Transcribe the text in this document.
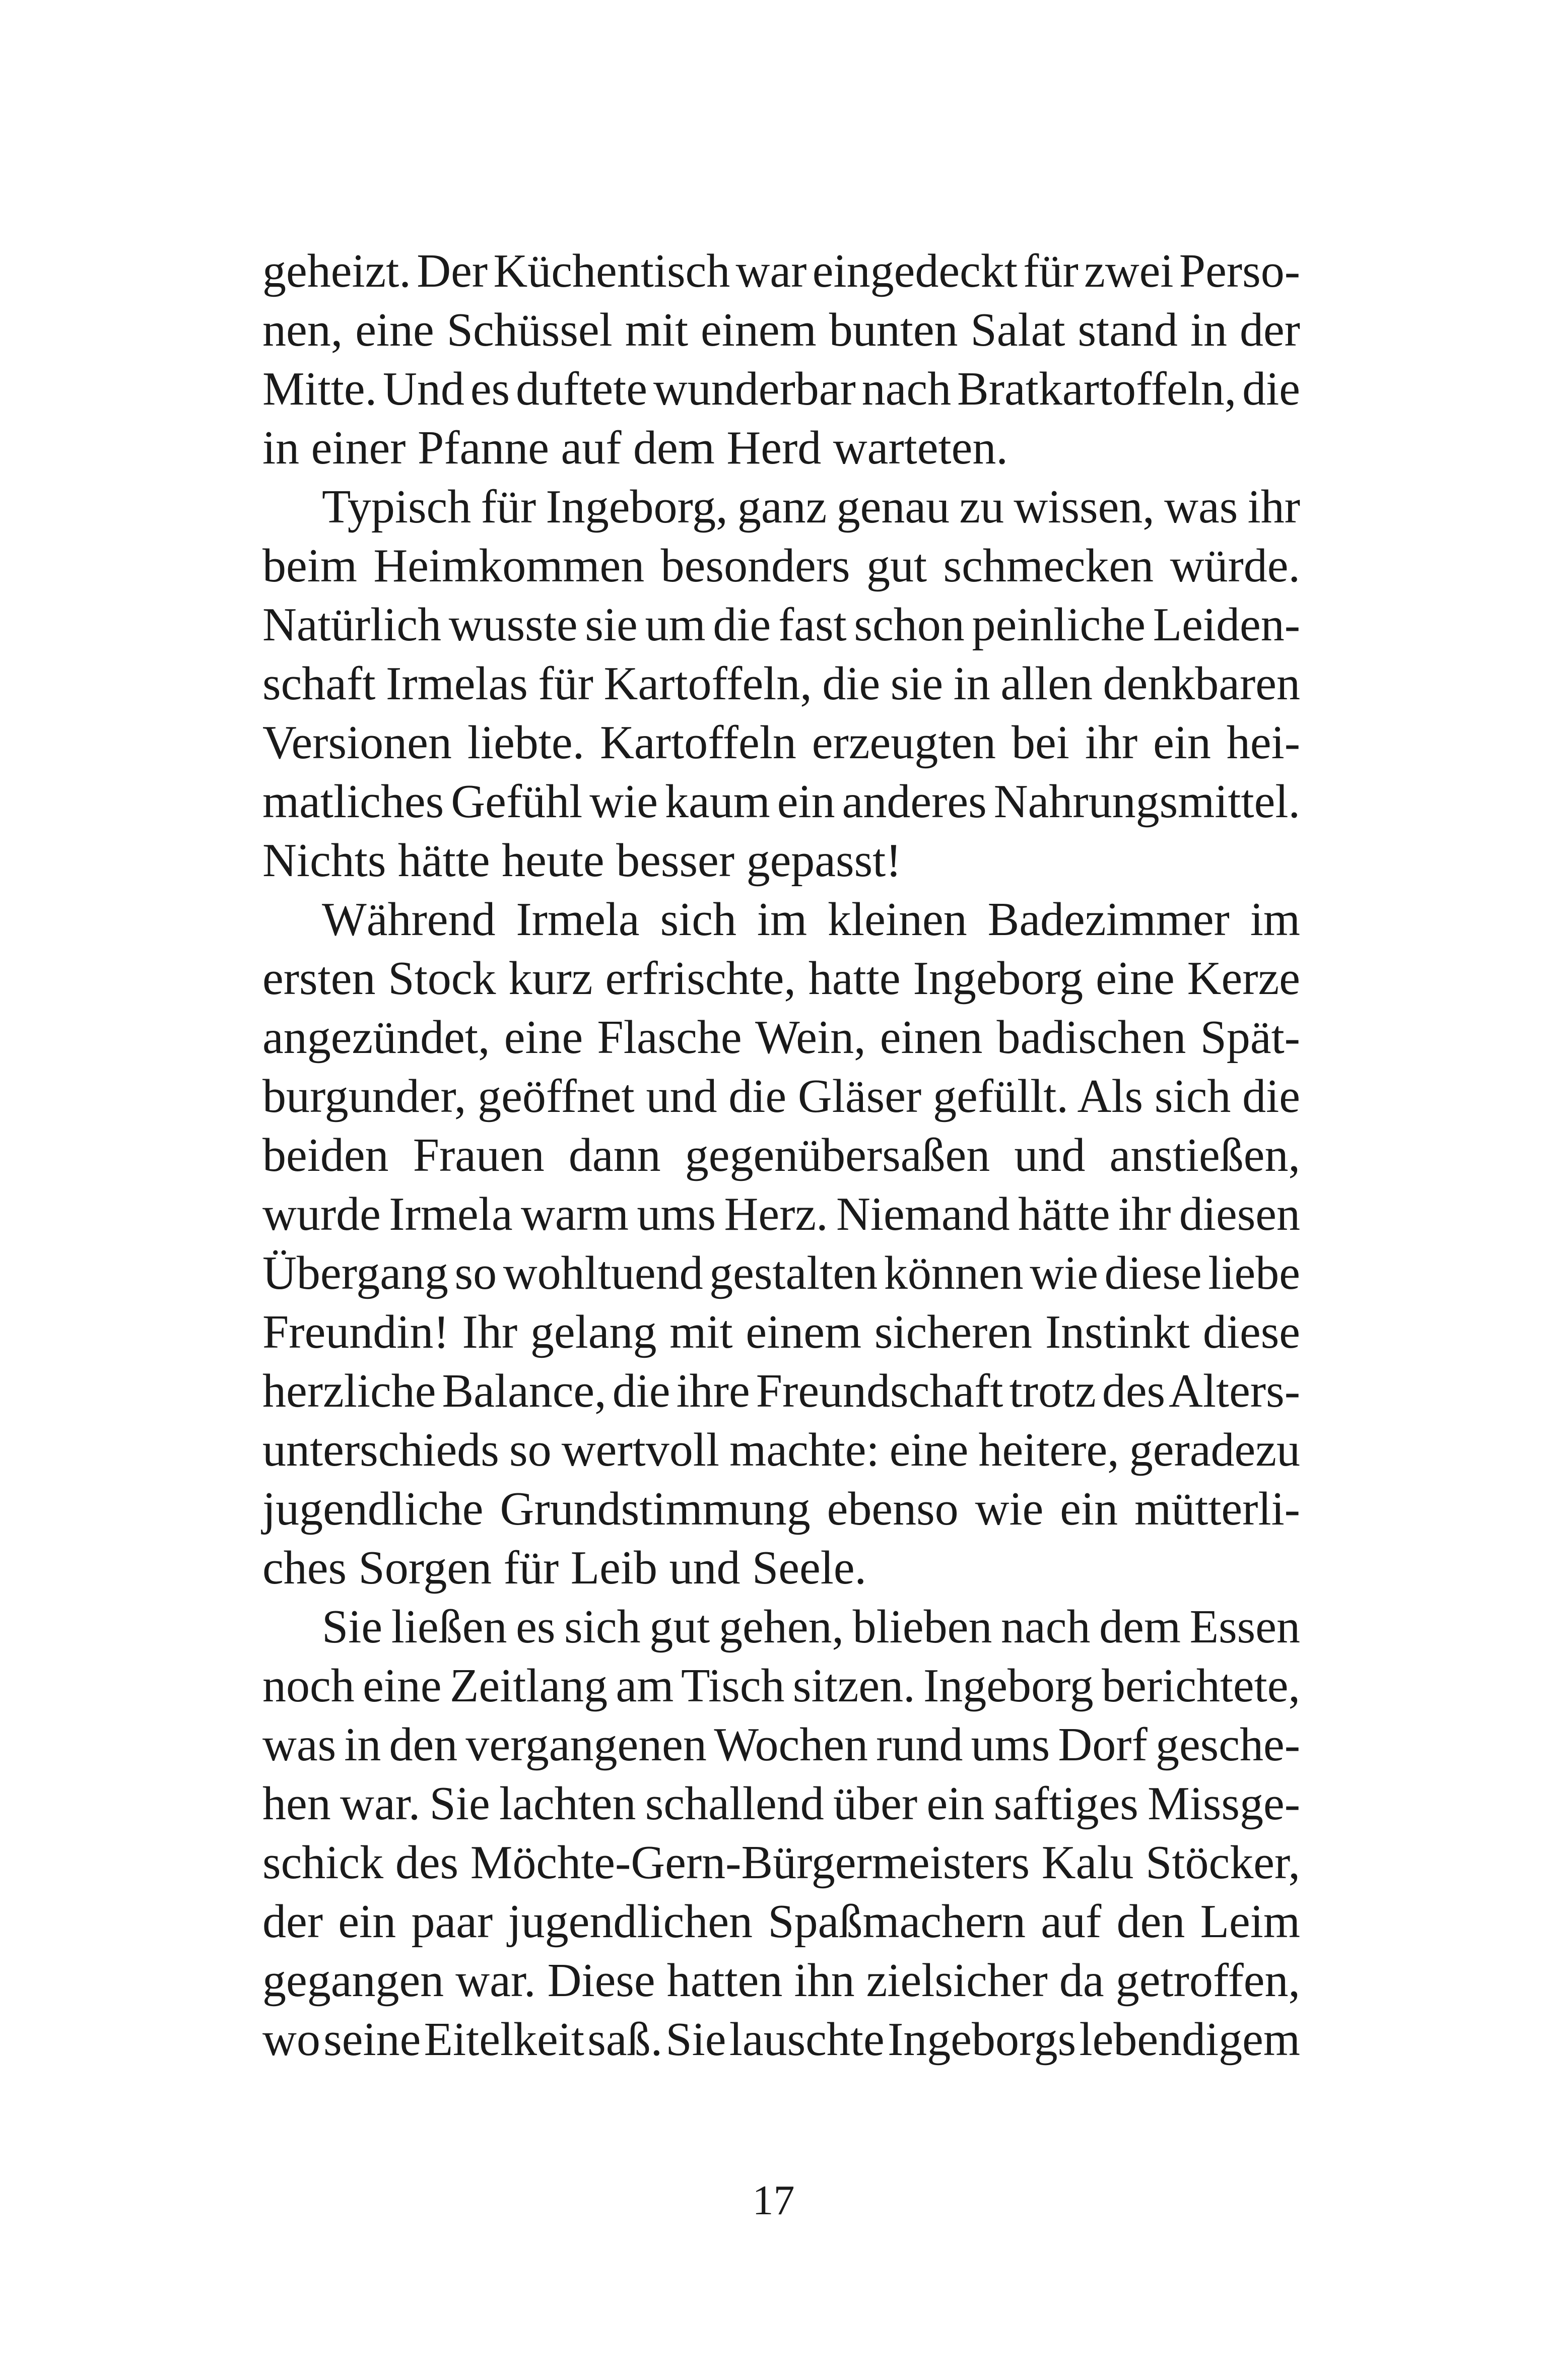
geheizt. Der Küchentisch war eingedeckt für zwei Perso-
nen, eine Schüssel mit einem bunten Salat stand in der
Mitte. Und es duftete wunderbar nach Bratkartoffeln, die
in einer Pfanne auf dem Herd warteten.

Typisch für Ingeborg, ganz genau zu wissen, was ihr
beim Heimkommen besonders gut schmecken würde.
Natürlich wusste sie um die fast schon peinliche Leiden-
schaft Irmelas für Kartoffeln, die sie in allen denkbaren
Versionen liebte. Kartoffeln erzeugten bei ihr ein hei-
matliches Gefühl wie kaum ein anderes Nahrungsmittel.
Nichts hätte heute besser gepasst!

Während Irmela sich im kleinen Badezimmer im
ersten Stock kurz erfrischte, hatte Ingeborg eine Kerze
angezündet, eine Flasche Wein, einen badischen Spät-
burgunder, geöffnet und die Gläser gefüllt. Als sich die
beiden Frauen dann gegenübersaßen und anstießen,
wurde Irmela warm ums Herz. Niemand hätte ihr diesen
Übergang so wohltuend gestalten können wie diese liebe
Freundin! Ihr gelang mit einem sicheren Instinkt diese
herzliche Balance, die ihre Freundschaft trotz des Alters-
unterschieds so wertvoll machte: eine heitere, geradezu
jugendliche Grundstimmung ebenso wie ein mütterli-
ches Sorgen für Leib und Seele.

Sie ließen es sich gut gehen, blieben nach dem Essen
noch eine Zeitlang am Tisch sitzen. Ingeborg berichtete,
was in den vergangenen Wochen rund ums Dorf gesche-
hen war. Sie lachten schallend über ein saftiges Missge-
schick des Möchte-Gern-Bürgermeisters Kalu Stöcker,
der ein paar jugendlichen Spaßmachern auf den Leim
gegangen war. Diese hatten ihn zielsicher da getroffen,
wo seine Eitelkeit saß. Sie lauschte Ingeborgs lebendigem

17
